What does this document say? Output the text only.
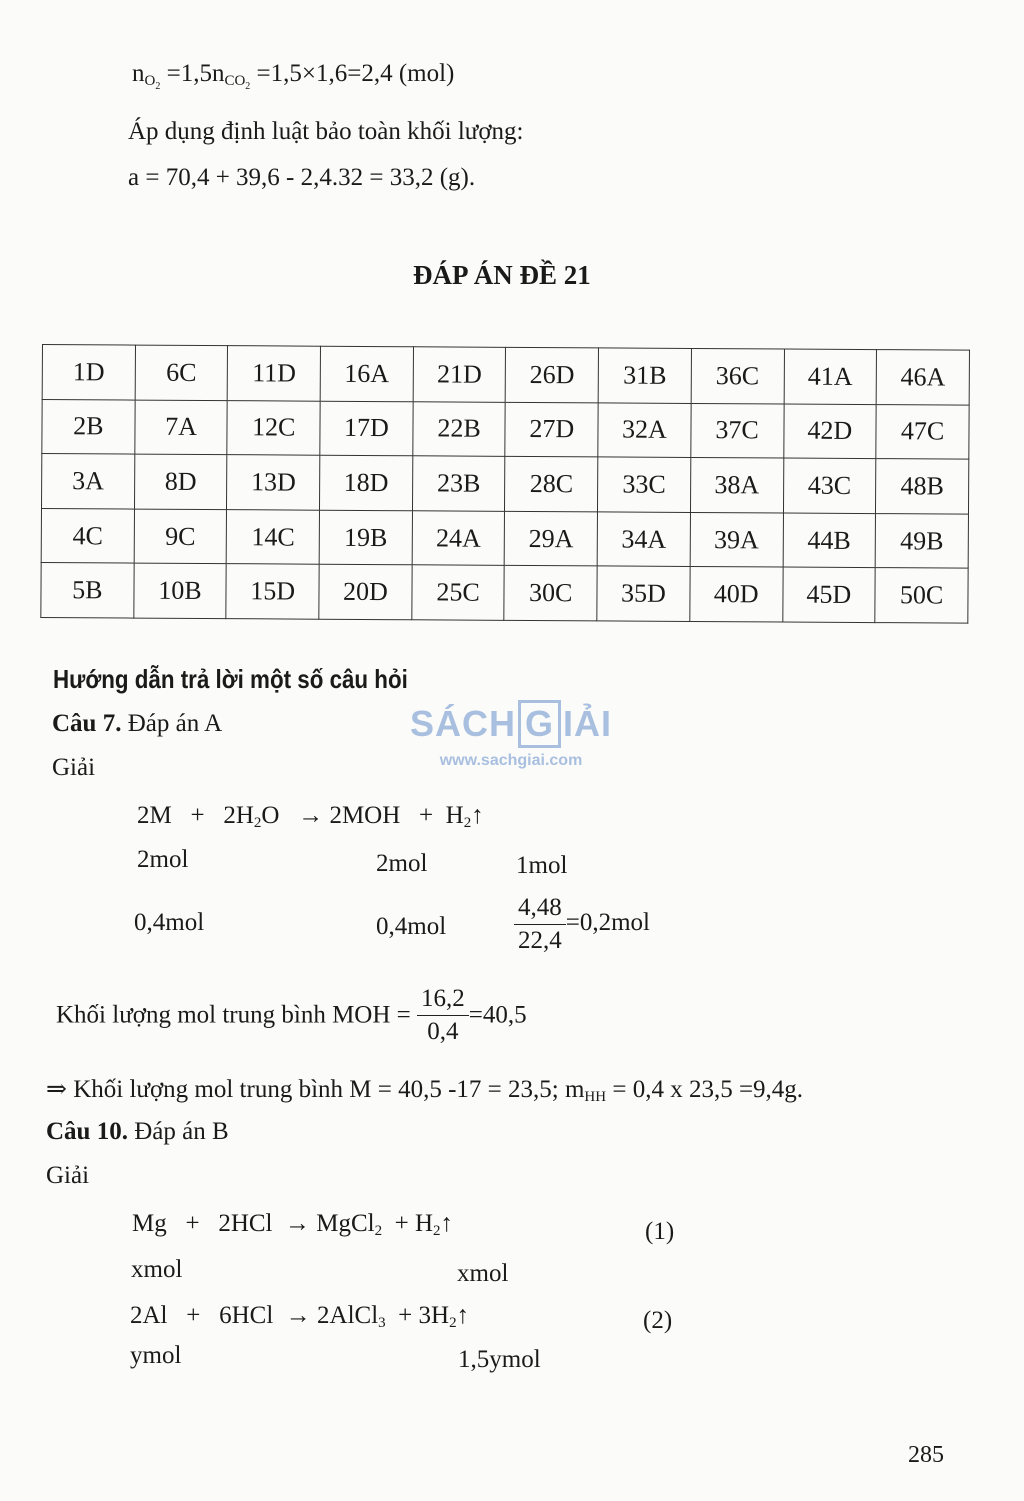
$n_{O_2} =1,5n_{CO_2} =1,5\times 1,6=2,4$ (mol)
Áp dụng định luật bảo toàn khối lượng:
a = 70,4 + 39,6 - 2,4.32 = 33,2 (g).
ĐÁP ÁN ĐỀ 21
1D	6C	11D	16A	21D	26D	31B	36C	41A	46A
2B	7A	12C	17D	22B	27D	32A	37C	42D	47C
3A	8D	13D	18D	23B	28C	33C	38A	43C	48B
4C	9C	14C	19B	24A	29A	34A	39A	44B	49B
5B	10B	15D	20D	25C	30C	35D	40D	45D	50C
Hướng dẫn trả lời một số câu hỏi
Câu 7. Đáp án A
Giải
$2M + 2H_2O \to 2MOH$   +  $H_2↑$
2mol	2mol	1mol
0,4mol	0,4mol	$\frac{4,48}{22,4} =0,2mol$
Khối lượng mol trung bình MOH = $\frac{16,2}{0,4} =40,5$
⇒ Khối lượng mol trung bình M = 40,5 -17 = 23,5; $m_{HH} = 0,4$ x 23,5 =9,4g.
Câu 10. Đáp án B
Giải
Mg   +   2HCl  → MgCl$_2$  + $H_2↑$	(1)
xmol	xmol
2Al   +   6HCl  → 2AlCl$_3$  + $3H_2↑$	(2)
ymol	1,5ymol
SÁCH G IẢI
www.sachgiai.com
285
